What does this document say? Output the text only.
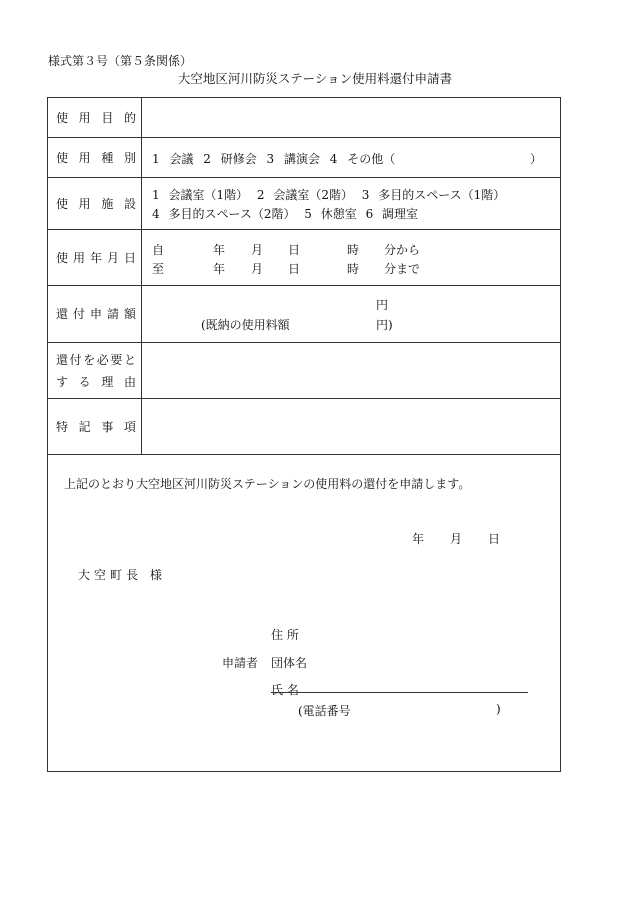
様式第３号（第５条関係）
大空地区河川防災ステーション使用料還付申請書
使用目的
使用種別 1 会議 2 研修会 3 講演会 4 その他（	）
使用施設
1 会議室（1階） 2 会議室（2階） 3 多目的スペース（1階）
4 多目的スペース（2階） 5 休憩室 6 調理室
使用年月日
自	年 月 日	時 分から
至	年 月 日	時 分まで
還付申請額
円
(既納の使用料額	円)
還付を必要と
する理由
特記事項
上記のとおり大空地区河川防災ステーションの使用料の還付を申請します。
年 月 日
大空町長 様
住 所
申請者 団体名
氏 名
(電話番号	)
